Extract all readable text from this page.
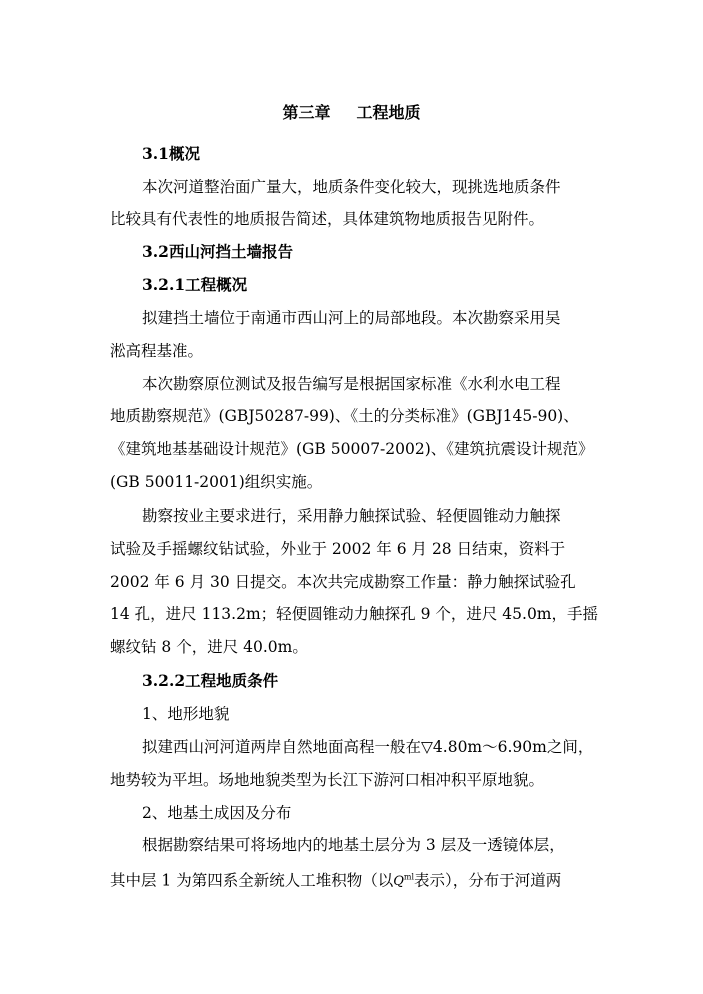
第三章 工程地质
3.1概况
本次河道整治面广量大，地质条件变化较大，现挑选地质条件
比较具有代表性的地质报告简述，具体建筑物地质报告见附件。
3.2西山河挡土墙报告
3.2.1工程概况
拟建挡土墙位于南通市西山河上的局部地段。本次勘察采用吴
淞高程基准。
本次勘察原位测试及报告编写是根据国家标准《水利水电工程
地质勘察规范》(GBJ50287-99)、《土的分类标准》(GBJ145-90)、
《建筑地基基础设计规范》(GB 50007-2002)、《建筑抗震设计规范》
(GB 50011-2001)组织实施。
勘察按业主要求进行，采用静力触探试验、轻便圆锥动力触探
试验及手摇螺纹钻试验，外业于 2002 年 6 月 28 日结束，资料于
2002 年 6 月 30 日提交。本次共完成勘察工作量：静力触探试验孔
14 孔，进尺 113.2m；轻便圆锥动力触探孔 9 个，进尺 45.0m，手摇
螺纹钻 8 个，进尺 40.0m。
3.2.2工程地质条件
1、地形地貌
拟建西山河河道两岸自然地面高程一般在▽4.80m～6.90m之间，
地势较为平坦。场地地貌类型为长江下游河口相冲积平原地貌。
2、地基土成因及分布
根据勘察结果可将场地内的地基土层分为 3 层及一透镜体层，
其中层 1 为第四系全新统人工堆积物（以$Q^{ml}$表示），分布于河道两
